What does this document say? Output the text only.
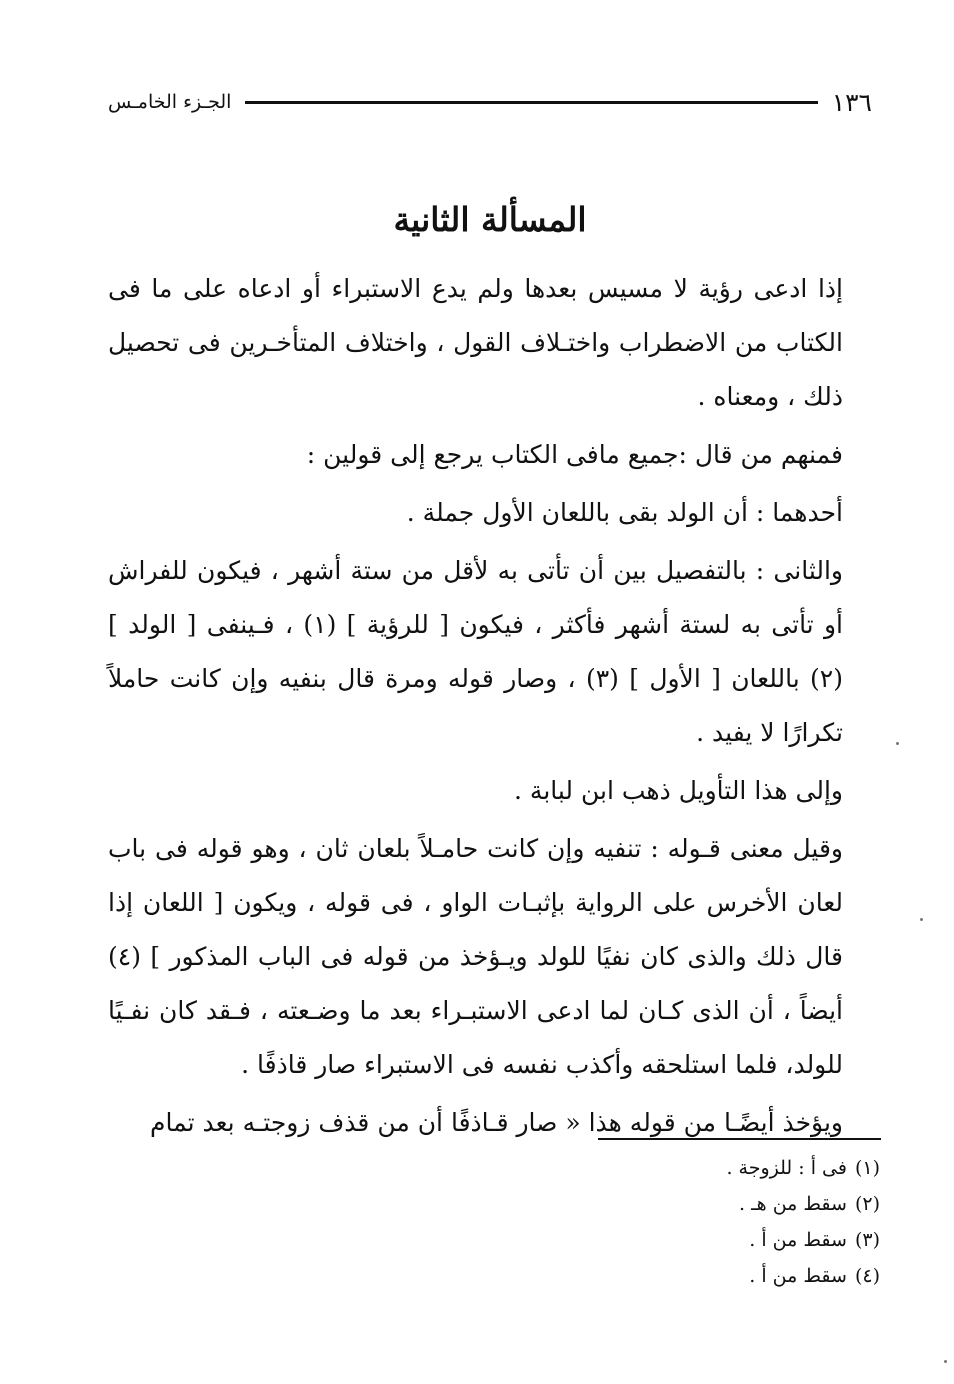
١٣٦
الجـزء الخامـس
المسألة الثانية

إذا ادعى رؤية لا مسيس بعدها ولم يدع الاستبراء أو ادعاه على ما فى الكتاب من الاضطراب واختـلاف القول ، واختلاف المتأخـرين فى تحصيل ذلك ، ومعناه .

فمنهم من قال :جميع مافى الكتاب يرجع إلى قولين :

أحدهما : أن الولد بقى باللعان الأول جملة .

والثانى : بالتفصيل بين أن تأتى به لأقل من ستة أشهر ، فيكون للفراش أو تأتى به لستة أشهر فأكثر ، فيكون [ للرؤية ] (١) ، فـينفى [ الولد ] (٢) باللعان [ الأول ] (٣) ، وصار قوله ومرة قال بنفيه وإن كانت حاملاً تكرارًا لا يفيد .

وإلى هذا التأويل ذهب ابن لبابة .

وقيل معنى قـوله : تنفيه وإن كانت حامـلاً بلعان ثان ، وهو قوله فى باب لعان الأخرس على الرواية بإثبـات الواو ، فى قوله ، ويكون [ اللعان إذا قال ذلك والذى كان نفيًا للولد ويـؤخذ من قوله فى الباب المذكور ] (٤) أيضاً ، أن الذى كـان لما ادعى الاستبـراء بعد ما وضـعته ، فـقد كان نفـيًا للولد، فلما استلحقه وأكذب نفسه فى الاستبراء صار قاذفًا .

ويؤخذ أيضًـا من قوله هذا « صار قـاذفًا أن من قذف زوجتـه بعد تمام

(١)
فى أ : للزوجة .
(٢)
سقط من هـ .
(٣)
سقط من أ .
(٤)
سقط من أ .
